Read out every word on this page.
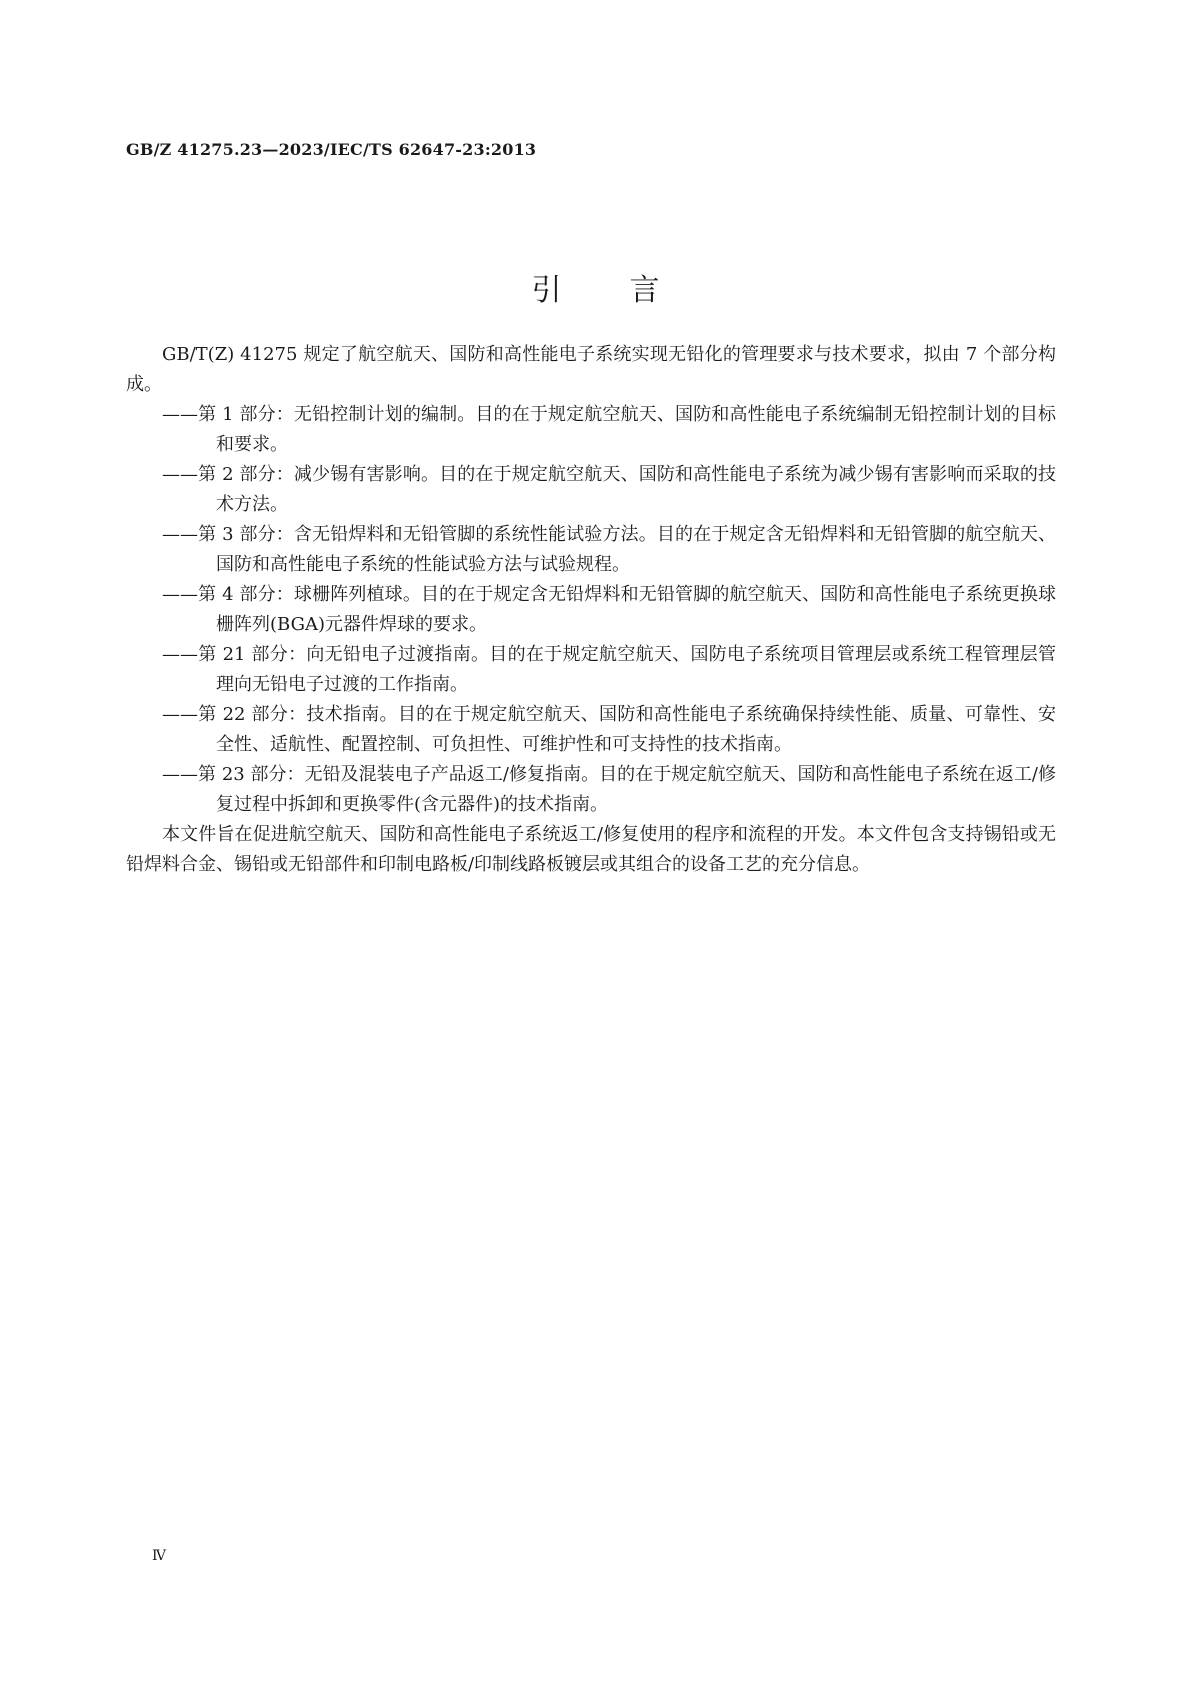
GB/Z 41275.23—2023/IEC/TS 62647-23:2013
引言

GB/T(Z) 41275 规定了航空航天、国防和高性能电子系统实现无铅化的管理要求与技术要求，拟由 7 个部分构成。

——第 1 部分：无铅控制计划的编制。目的在于规定航空航天、国防和高性能电子系统编制无铅控制计划的目标和要求。
——第 2 部分：减少锡有害影响。目的在于规定航空航天、国防和高性能电子系统为减少锡有害影响而采取的技术方法。
——第 3 部分：含无铅焊料和无铅管脚的系统性能试验方法。目的在于规定含无铅焊料和无铅管脚的航空航天、国防和高性能电子系统的性能试验方法与试验规程。
——第 4 部分：球栅阵列植球。目的在于规定含无铅焊料和无铅管脚的航空航天、国防和高性能电子系统更换球栅阵列(BGA)元器件焊球的要求。
——第 21 部分：向无铅电子过渡指南。目的在于规定航空航天、国防电子系统项目管理层或系统工程管理层管理向无铅电子过渡的工作指南。
——第 22 部分：技术指南。目的在于规定航空航天、国防和高性能电子系统确保持续性能、质量、可靠性、安全性、适航性、配置控制、可负担性、可维护性和可支持性的技术指南。
——第 23 部分：无铅及混装电子产品返工/修复指南。目的在于规定航空航天、国防和高性能电子系统在返工/修复过程中拆卸和更换零件(含元器件)的技术指南。

本文件旨在促进航空航天、国防和高性能电子系统返工/修复使用的程序和流程的开发。本文件包含支持锡铅或无铅焊料合金、锡铅或无铅部件和印制电路板/印制线路板镀层或其组合的设备工艺的充分信息。

Ⅳ
